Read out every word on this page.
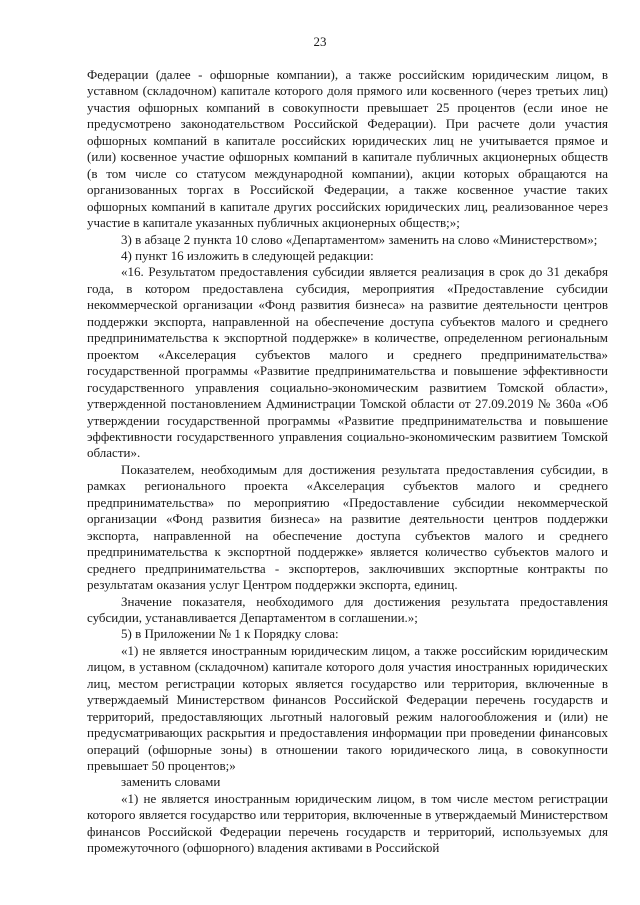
23

Федерации (далее - офшорные компании), а также российским юридическим лицом, в уставном (складочном) капитале которого доля прямого или косвенного (через третьих лиц) участия офшорных компаний в совокупности превышает 25 процентов (если иное не предусмотрено законодательством Российской Федерации). При расчете доли участия офшорных компаний в капитале российских юридических лиц не учитывается прямое и (или) косвенное участие офшорных компаний в капитале публичных акционерных обществ (в том числе со статусом международной компании), акции которых обращаются на организованных торгах в Российской Федерации, а также косвенное участие таких офшорных компаний в капитале других российских юридических лиц, реализованное через участие в капитале указанных публичных акционерных обществ;»;

3) в абзаце 2 пункта 10 слово «Департаментом» заменить на слово «Министерством»;

4) пункт 16 изложить в следующей редакции:

«16. Результатом предоставления субсидии является реализация в срок до 31 декабря года, в котором предоставлена субсидия, мероприятия «Предоставление субсидии некоммерческой организации «Фонд развития бизнеса» на развитие деятельности центров поддержки экспорта, направленной на обеспечение доступа субъектов малого и среднего предпринимательства к экспортной поддержке» в количестве, определенном региональным проектом «Акселерация субъектов малого и среднего предпринимательства» государственной программы «Развитие предпринимательства и повышение эффективности государственного управления социально-экономическим развитием Томской области», утвержденной постановлением Администрации Томской области от 27.09.2019 № 360а «Об утверждении государственной программы «Развитие предпринимательства и повышение эффективности государственного управления социально-экономическим развитием Томской области».

Показателем, необходимым для достижения результата предоставления субсидии, в рамках регионального проекта «Акселерация субъектов малого и среднего предпринимательства» по мероприятию «Предоставление субсидии некоммерческой организации «Фонд развития бизнеса» на развитие деятельности центров поддержки экспорта, направленной на обеспечение доступа субъектов малого и среднего предпринимательства к экспортной поддержке» является количество субъектов малого и среднего предпринимательства - экспортеров, заключивших экспортные контракты по результатам оказания услуг Центром поддержки экспорта, единиц.

Значение показателя, необходимого для достижения результата предоставления субсидии, устанавливается Департаментом в соглашении.»;

5) в Приложении № 1 к Порядку слова:

«1) не является иностранным юридическим лицом, а также российским юридическим лицом, в уставном (складочном) капитале которого доля участия иностранных юридических лиц, местом регистрации которых является государство или территория, включенные в утверждаемый Министерством финансов Российской Федерации перечень государств и территорий, предоставляющих льготный налоговый режим налогообложения и (или) не предусматривающих раскрытия и предоставления информации при проведении финансовых операций (офшорные зоны) в отношении такого юридического лица, в совокупности превышает 50 процентов;»

заменить словами

«1) не является иностранным юридическим лицом, в том числе местом регистрации которого является государство или территория, включенные в утверждаемый Министерством финансов Российской Федерации перечень государств и территорий, используемых для промежуточного (офшорного) владения активами в Российской
